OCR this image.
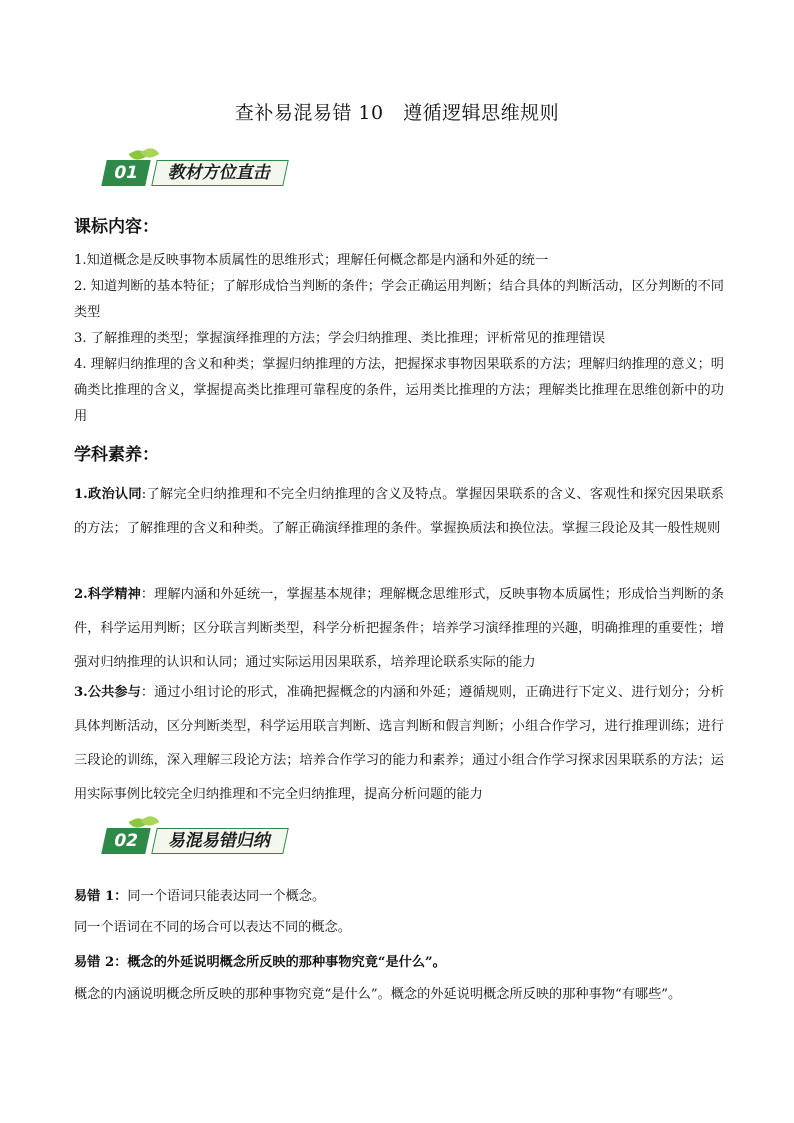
查补易混易错 10　遵循逻辑思维规则
01	教材方位直击
课标内容：
1.知道概念是反映事物本质属性的思维形式；理解任何概念都是内涵和外延的统一
2. 知道判断的基本特征；了解形成恰当判断的条件；学会正确运用判断；结合具体的判断活动，区分判断的不同类型
3. 了解推理的类型；掌握演绎推理的方法；学会归纳推理、类比推理；评析常见的推理错误
4. 理解归纳推理的含义和种类；掌握归纳推理的方法，把握探求事物因果联系的方法；理解归纳推理的意义；明确类比推理的含义，掌握提高类比推理可靠程度的条件，运用类比推理的方法；理解类比推理在思维创新中的功用
学科素养：
1.政治认同:了解完全归纳推理和不完全归纳推理的含义及特点。掌握因果联系的含义、客观性和探究因果联系的方法；了解推理的含义和种类。了解正确演绎推理的条件。掌握换质法和换位法。掌握三段论及其一般性规则
2.科学精神：理解内涵和外延统一，掌握基本规律；理解概念思维形式，反映事物本质属性；形成恰当判断的条件，科学运用判断；区分联言判断类型，科学分析把握条件；培养学习演绎推理的兴趣，明确推理的重要性；增强对归纳推理的认识和认同；通过实际运用因果联系，培养理论联系实际的能力
3.公共参与：通过小组讨论的形式，准确把握概念的内涵和外延；遵循规则，正确进行下定义、进行划分；分析具体判断活动，区分判断类型，科学运用联言判断、选言判断和假言判断；小组合作学习，进行推理训练；进行三段论的训练，深入理解三段论方法；培养合作学习的能力和素养；通过小组合作学习探求因果联系的方法；运用实际事例比较完全归纳推理和不完全归纳推理，提高分析问题的能力
02	易混易错归纳
易错 1：同一个语词只能表达同一个概念。
同一个语词在不同的场合可以表达不同的概念。
易错 2：概念的外延说明概念所反映的那种事物究竟“是什么”。
概念的内涵说明概念所反映的那种事物究竟“是什么”。概念的外延说明概念所反映的那种事物“有哪些”。
